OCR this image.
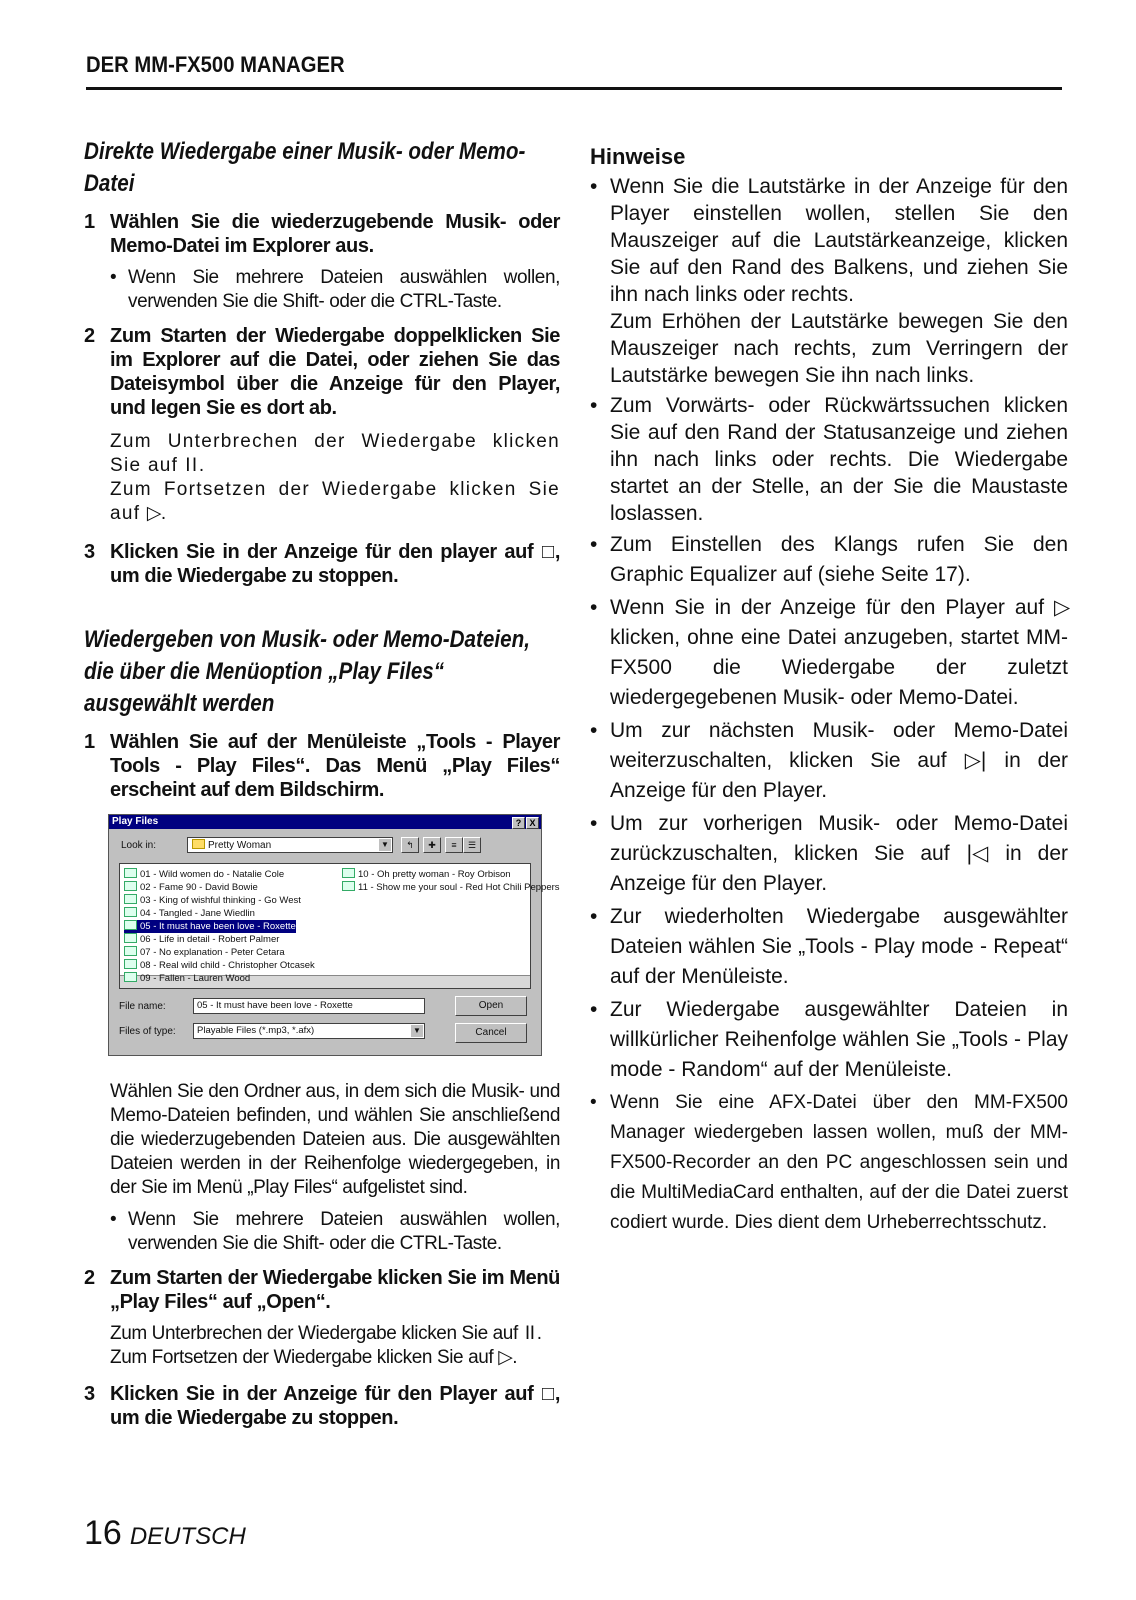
DER MM-FX500 MANAGER
Direkte Wiedergabe einer Musik- oder Memo-Datei
1 Wählen Sie die wiederzugebende Musik- oder Memo-Datei im Explorer aus.
• Wenn Sie mehrere Dateien auswählen wollen, verwenden Sie die Shift- oder die CTRL-Taste.
2 Zum Starten der Wiedergabe doppelklicken Sie im Explorer auf die Datei, oder ziehen Sie das Dateisymbol über die Anzeige für den Player, und legen Sie es dort ab.
Zum Unterbrechen der Wiedergabe klicken Sie auf II.
Zum Fortsetzen der Wiedergabe klicken Sie auf ▷.
3 Klicken Sie in der Anzeige für den player auf □, um die Wiedergabe zu stoppen.
Wiedergeben von Musik- oder Memo-Dateien, die über die Menüoption „Play Files“ ausgewählt werden
1 Wählen Sie auf der Menüleiste „Tools - Player Tools - Play Files“. Das Menü „Play Files“ erscheint auf dem Bildschirm.
Play Files	? X
Look in:	Pretty Woman	▼	↰	✚	≡	☰
01 - Wild women do - Natalie Cole
02 - Fame 90 - David Bowie
03 - King of wishful thinking - Go West
04 - Tangled - Jane Wiedlin
05 - It must have been love - Roxette
06 - Life in detail - Robert Palmer
07 - No explanation - Peter Cetara
08 - Real wild child - Christopher Otcasek
09 - Fallen - Lauren Wood
10 - Oh pretty woman - Roy Orbison
11 - Show me your soul - Red Hot Chili Peppers
File name:	05 - It must have been love - Roxette
Files of type:	Playable Files (*.mp3, *.afx)	▼
Open
Cancel
Wählen Sie den Ordner aus, in dem sich die Musik- und Memo-Dateien befinden, und wählen Sie anschließend die wiederzugebenden Dateien aus. Die ausgewählten Dateien werden in der Reihenfolge wiedergegeben, in der Sie im Menü „Play Files“ aufgelistet sind.
• Wenn Sie mehrere Dateien auswählen wollen, verwenden Sie die Shift- oder die CTRL-Taste.
2 Zum Starten der Wiedergabe klicken Sie im Menü „Play Files“ auf „Open“.
Zum Unterbrechen der Wiedergabe klicken Sie auf II .
Zum Fortsetzen der Wiedergabe klicken Sie auf ▷.
3 Klicken Sie in der Anzeige für den Player auf □, um die Wiedergabe zu stoppen.
Hinweise
• Wenn Sie die Lautstärke in der Anzeige für den Player einstellen wollen, stellen Sie den Mauszeiger auf die Lautstärkeanzeige, klicken Sie auf den Rand des Balkens, und ziehen Sie ihn nach links oder rechts.
Zum Erhöhen der Lautstärke bewegen Sie den Mauszeiger nach rechts, zum Verringern der Lautstärke bewegen Sie ihn nach links.
• Zum Vorwärts- oder Rückwärtssuchen klicken Sie auf den Rand der Statusanzeige und ziehen ihn nach links oder rechts. Die Wiedergabe startet an der Stelle, an der Sie die Maustaste loslassen.
• Zum Einstellen des Klangs rufen Sie den Graphic Equalizer auf (siehe Seite 17).
• Wenn Sie in der Anzeige für den Player auf ▷ klicken, ohne eine Datei anzugeben, startet MM-FX500 die Wiedergabe der zuletzt wiedergegebenen Musik- oder Memo-Datei.
• Um zur nächsten Musik- oder Memo-Datei weiterzuschalten, klicken Sie auf ▷| in der Anzeige für den Player.
• Um zur vorherigen Musik- oder Memo-Datei zurückzuschalten, klicken Sie auf |◁ in der Anzeige für den Player.
• Zur wiederholten Wiedergabe ausgewählter Dateien wählen Sie „Tools - Play mode - Repeat“ auf der Menüleiste.
• Zur Wiedergabe ausgewählter Dateien in willkürlicher Reihenfolge wählen Sie „Tools - Play mode - Random“ auf der Menüleiste.
• Wenn Sie eine AFX-Datei über den MM-FX500 Manager wiedergeben lassen wollen, muß der MM-FX500-Recorder an den PC angeschlossen sein und die MultiMediaCard enthalten, auf der die Datei zuerst codiert wurde. Dies dient dem Urheberrechtsschutz.
16 DEUTSCH
